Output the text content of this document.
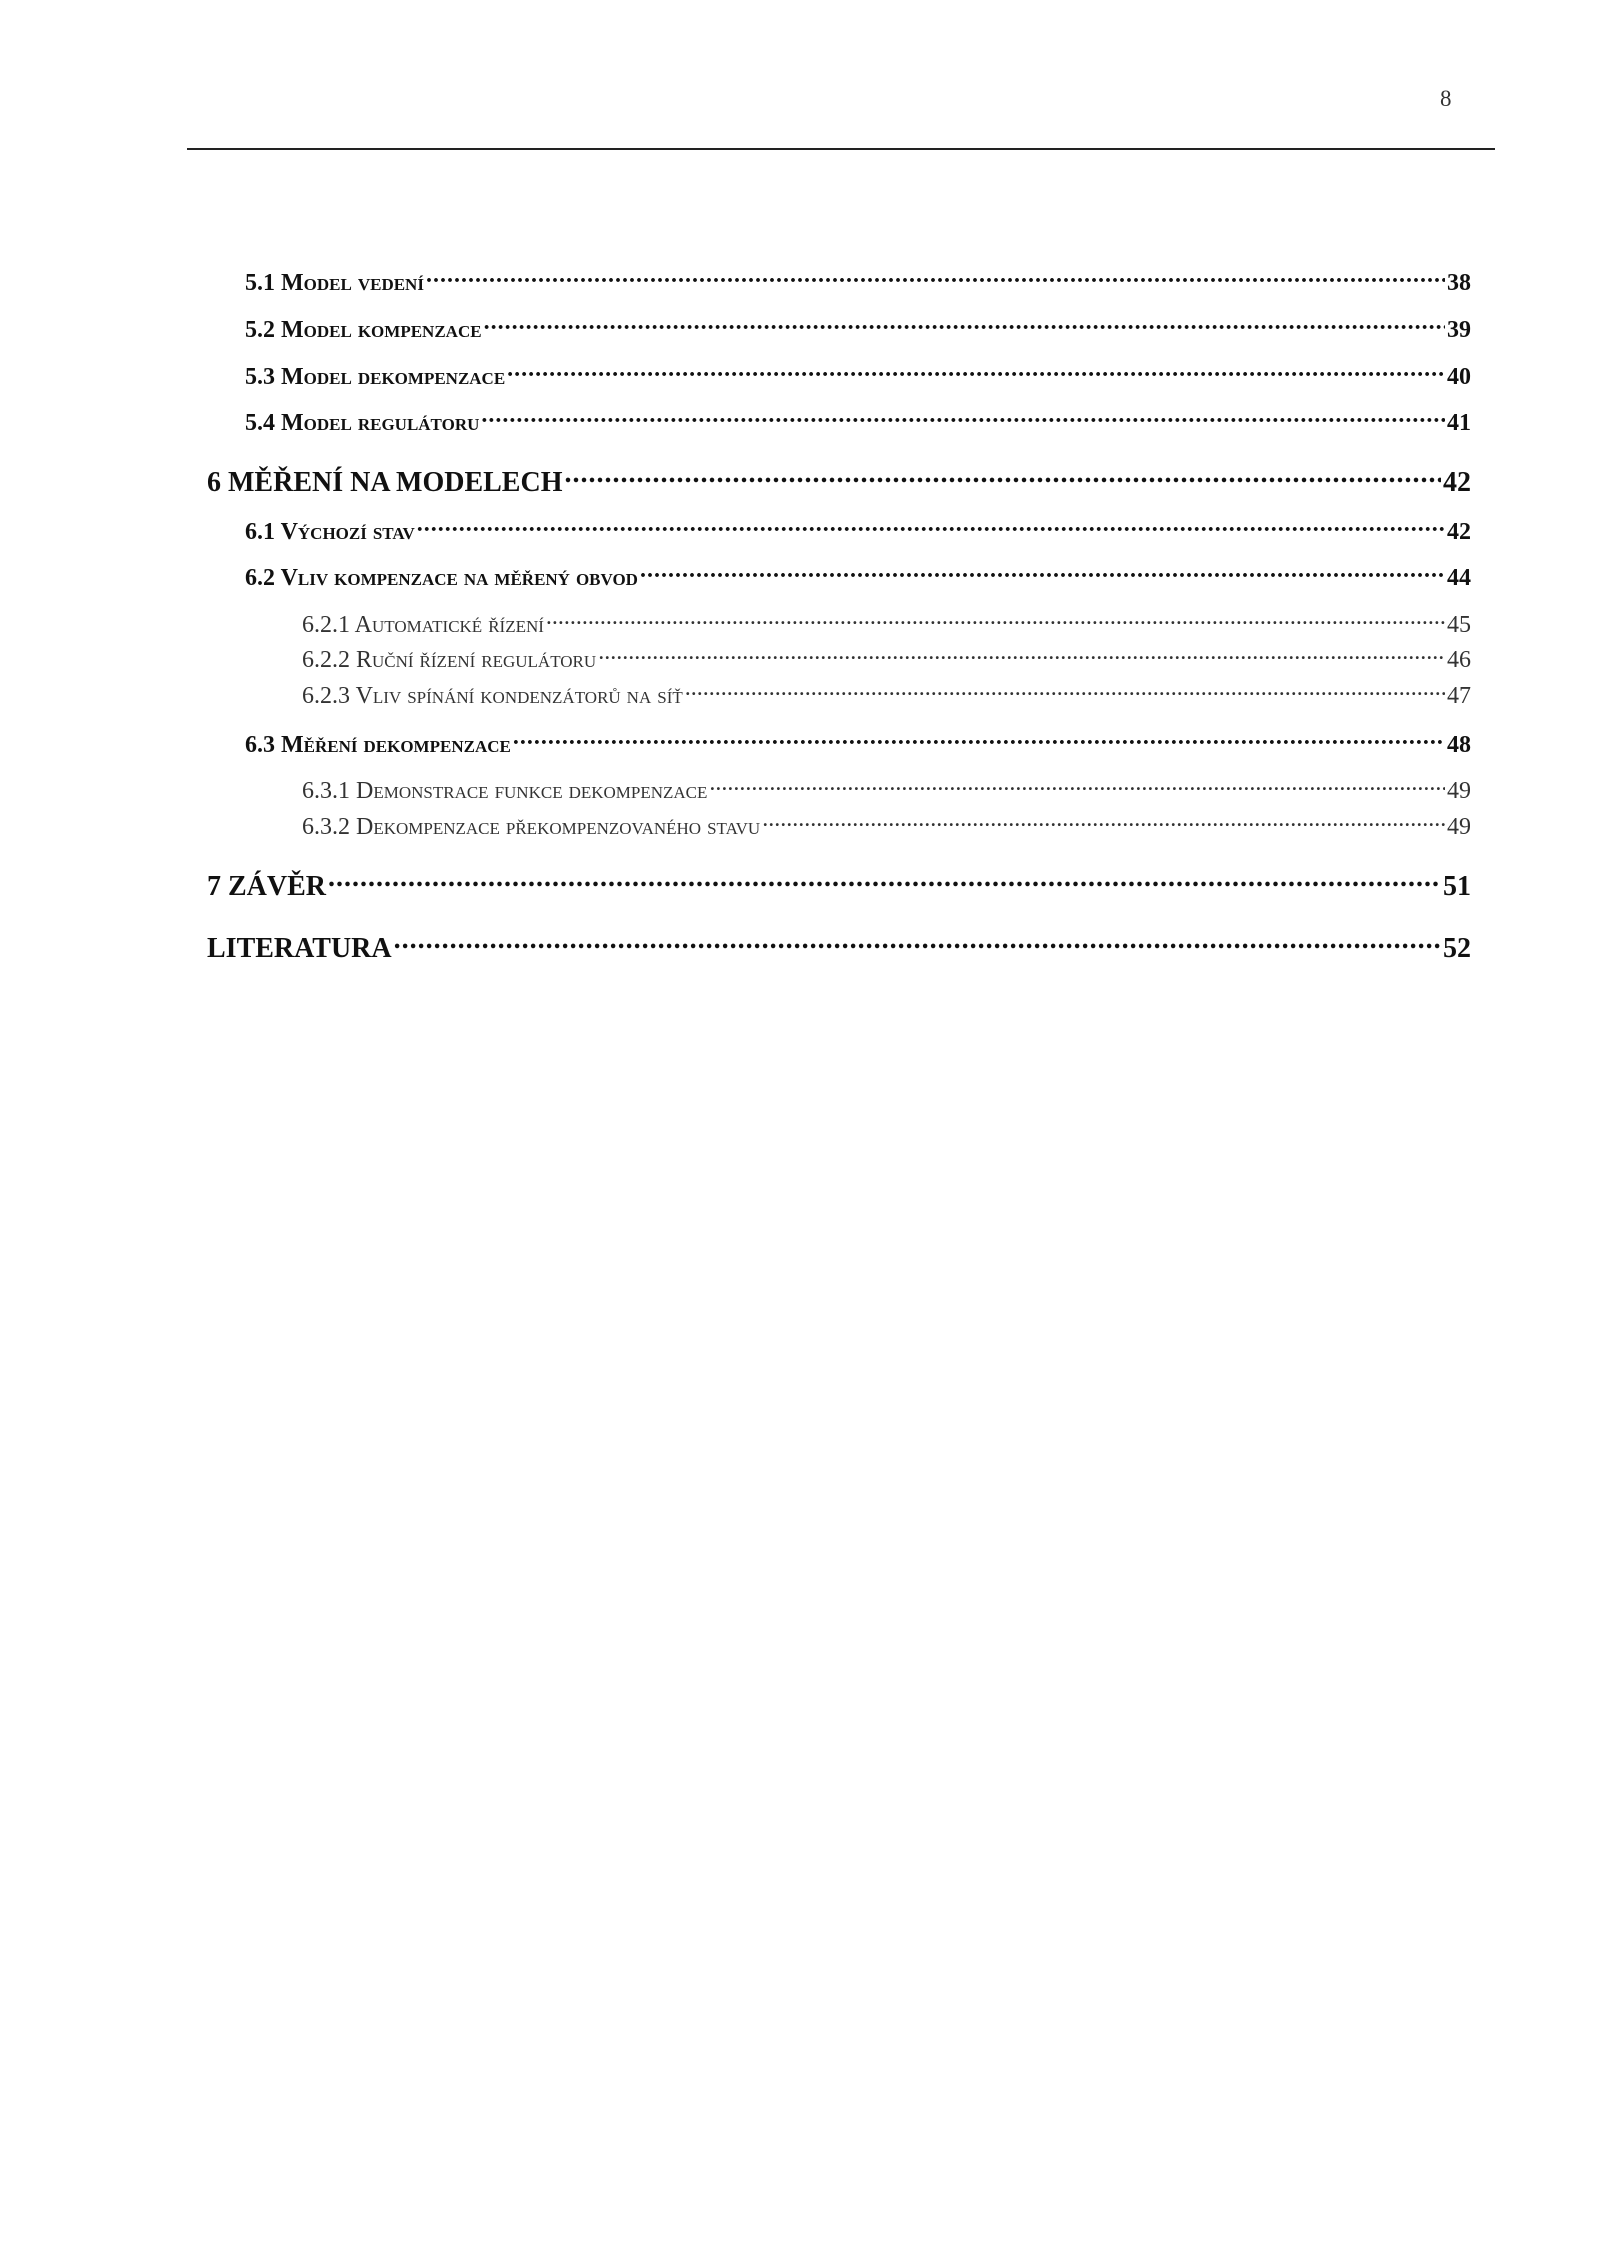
8
5.1 Model vedení .....	38
5.2 Model kompenzace .....	39
5.3 Model dekompenzace .....	40
5.4 Model regulátoru .....	41
6 MĚŘENÍ NA MODELECH .....	42
6.1 Výchozí stav .....	42
6.2 Vliv kompenzace na měřený obvod .....	44
6.2.1 Automatické řízení .....	45
6.2.2 Ruční řízení regulátoru .....	46
6.2.3 Vliv spínání kondenzátorů na síť .....	47
6.3 Měření dekompenzace .....	48
6.3.1 Demonstrace funkce dekompenzace .....	49
6.3.2 Dekompenzace překompenzovaného stavu .....	49
7 ZÁVĚR .....	51
LITERATURA .....	52
